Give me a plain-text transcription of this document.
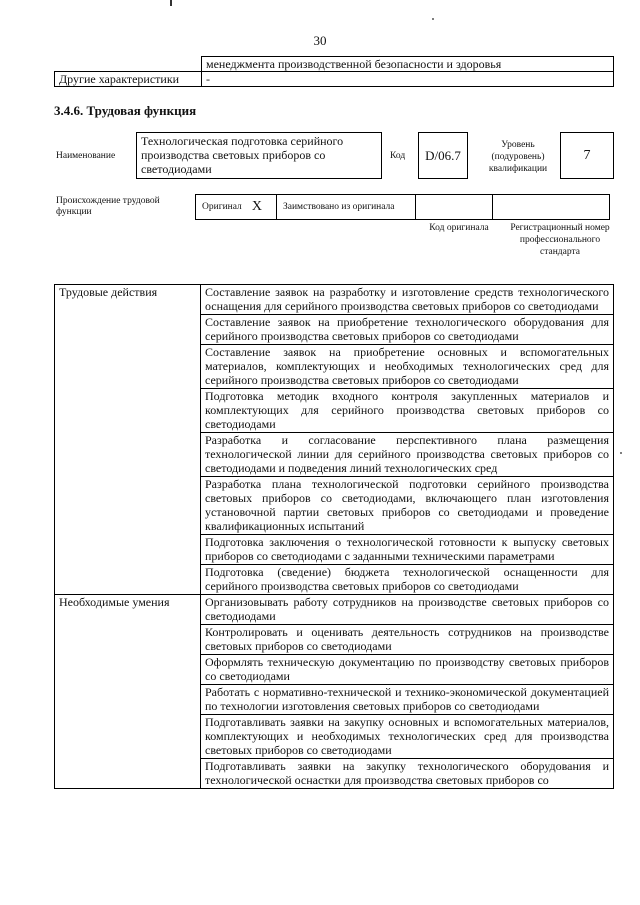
30
	менеджмента производственной безопасности и здоровья
Другие характеристики	-
3.4.6. Трудовая функция
Наименование
Технологическая подготовка серийного производства световых приборов со светодиодами
Код	D/06.7
Уровень (подуровень) квалификации
7
Происхождение трудовой функции	Оригинал X	Заимствовано из оригинала
Код оригинала	Регистрационный номер профессионального стандарта
Трудовые действия	Составление заявок на разработку и изготовление средств технологического оснащения для серийного производства световых приборов со светодиодами
	Составление заявок на приобретение технологического оборудования для серийного производства световых приборов со светодиодами
	Составление заявок на приобретение основных и вспомогательных материалов, комплектующих и необходимых технологических сред для серийного производства световых приборов со светодиодами
	Подготовка методик входного контроля закупленных материалов и комплектующих для серийного производства световых приборов со светодиодами
	Разработка и согласование перспективного плана размещения технологической линии для серийного производства световых приборов со светодиодами и подведения линий технологических сред
	Разработка плана технологической подготовки серийного производства световых приборов со светодиодами, включающего план изготовления установочной партии световых приборов со светодиодами и проведение квалификационных испытаний
	Подготовка заключения о технологической готовности к выпуску световых приборов со светодиодами с заданными техническими параметрами
	Подготовка (сведение) бюджета технологической оснащенности для серийного производства световых приборов со светодиодами
Необходимые умения	Организовывать работу сотрудников на производстве световых приборов со светодиодами
	Контролировать и оценивать деятельность сотрудников на производстве световых приборов со светодиодами
	Оформлять техническую документацию по производству световых приборов со светодиодами
	Работать с нормативно-технической и технико-экономической документацией по технологии изготовления световых приборов со светодиодами
	Подготавливать заявки на закупку основных и вспомогательных материалов, комплектующих и необходимых технологических сред для производства световых приборов со светодиодами
	Подготавливать заявки на закупку технологического оборудования и технологической оснастки для производства световых приборов со
